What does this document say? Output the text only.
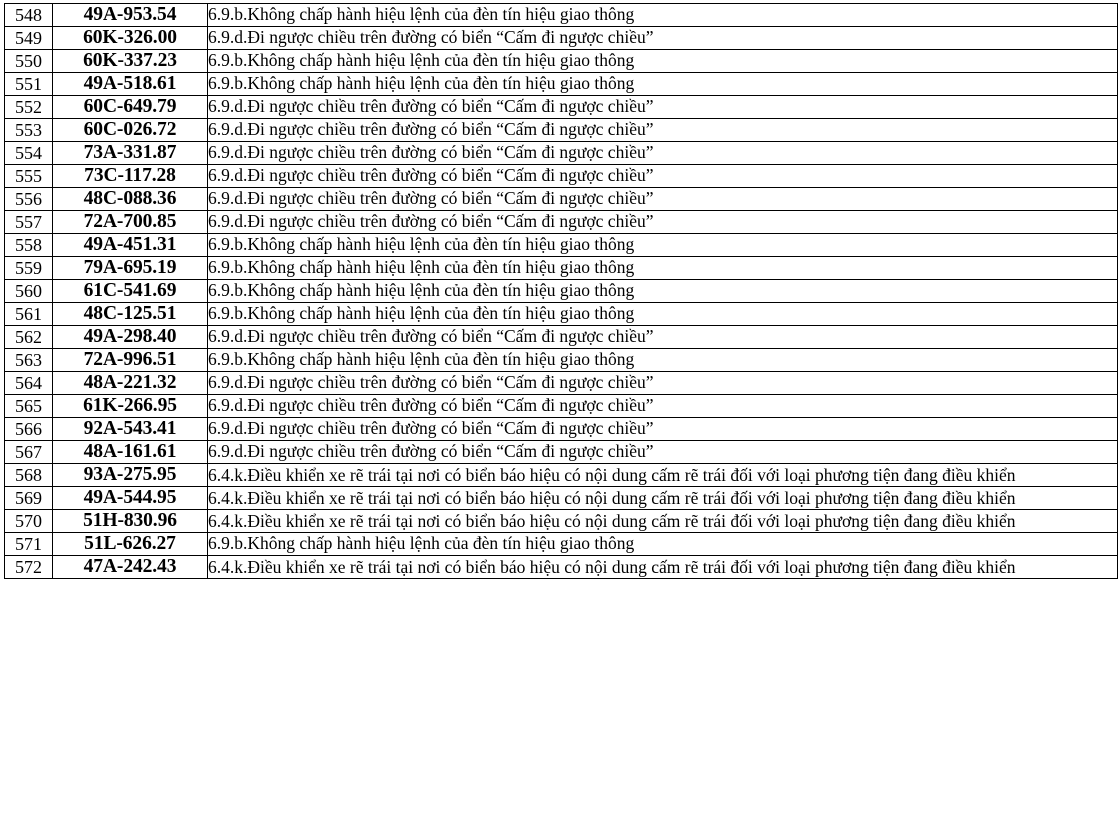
548	49A-953.54	6.9.b.Không chấp hành hiệu lệnh của đèn tín hiệu giao thông
549	60K-326.00	6.9.d.Đi ngược chiều trên đường có biển “Cấm đi ngược chiều”
550	60K-337.23	6.9.b.Không chấp hành hiệu lệnh của đèn tín hiệu giao thông
551	49A-518.61	6.9.b.Không chấp hành hiệu lệnh của đèn tín hiệu giao thông
552	60C-649.79	6.9.d.Đi ngược chiều trên đường có biển “Cấm đi ngược chiều”
553	60C-026.72	6.9.d.Đi ngược chiều trên đường có biển “Cấm đi ngược chiều”
554	73A-331.87	6.9.d.Đi ngược chiều trên đường có biển “Cấm đi ngược chiều”
555	73C-117.28	6.9.d.Đi ngược chiều trên đường có biển “Cấm đi ngược chiều”
556	48C-088.36	6.9.d.Đi ngược chiều trên đường có biển “Cấm đi ngược chiều”
557	72A-700.85	6.9.d.Đi ngược chiều trên đường có biển “Cấm đi ngược chiều”
558	49A-451.31	6.9.b.Không chấp hành hiệu lệnh của đèn tín hiệu giao thông
559	79A-695.19	6.9.b.Không chấp hành hiệu lệnh của đèn tín hiệu giao thông
560	61C-541.69	6.9.b.Không chấp hành hiệu lệnh của đèn tín hiệu giao thông
561	48C-125.51	6.9.b.Không chấp hành hiệu lệnh của đèn tín hiệu giao thông
562	49A-298.40	6.9.d.Đi ngược chiều trên đường có biển “Cấm đi ngược chiều”
563	72A-996.51	6.9.b.Không chấp hành hiệu lệnh của đèn tín hiệu giao thông
564	48A-221.32	6.9.d.Đi ngược chiều trên đường có biển “Cấm đi ngược chiều”
565	61K-266.95	6.9.d.Đi ngược chiều trên đường có biển “Cấm đi ngược chiều”
566	92A-543.41	6.9.d.Đi ngược chiều trên đường có biển “Cấm đi ngược chiều”
567	48A-161.61	6.9.d.Đi ngược chiều trên đường có biển “Cấm đi ngược chiều”
568	93A-275.95	6.4.k.Điều khiển xe rẽ trái tại nơi có biển báo hiệu có nội dung cấm rẽ trái đối với loại phương tiện đang điều khiển
569	49A-544.95	6.4.k.Điều khiển xe rẽ trái tại nơi có biển báo hiệu có nội dung cấm rẽ trái đối với loại phương tiện đang điều khiển
570	51H-830.96	6.4.k.Điều khiển xe rẽ trái tại nơi có biển báo hiệu có nội dung cấm rẽ trái đối với loại phương tiện đang điều khiển
571	51L-626.27	6.9.b.Không chấp hành hiệu lệnh của đèn tín hiệu giao thông
572	47A-242.43	6.4.k.Điều khiển xe rẽ trái tại nơi có biển báo hiệu có nội dung cấm rẽ trái đối với loại phương tiện đang điều khiển
